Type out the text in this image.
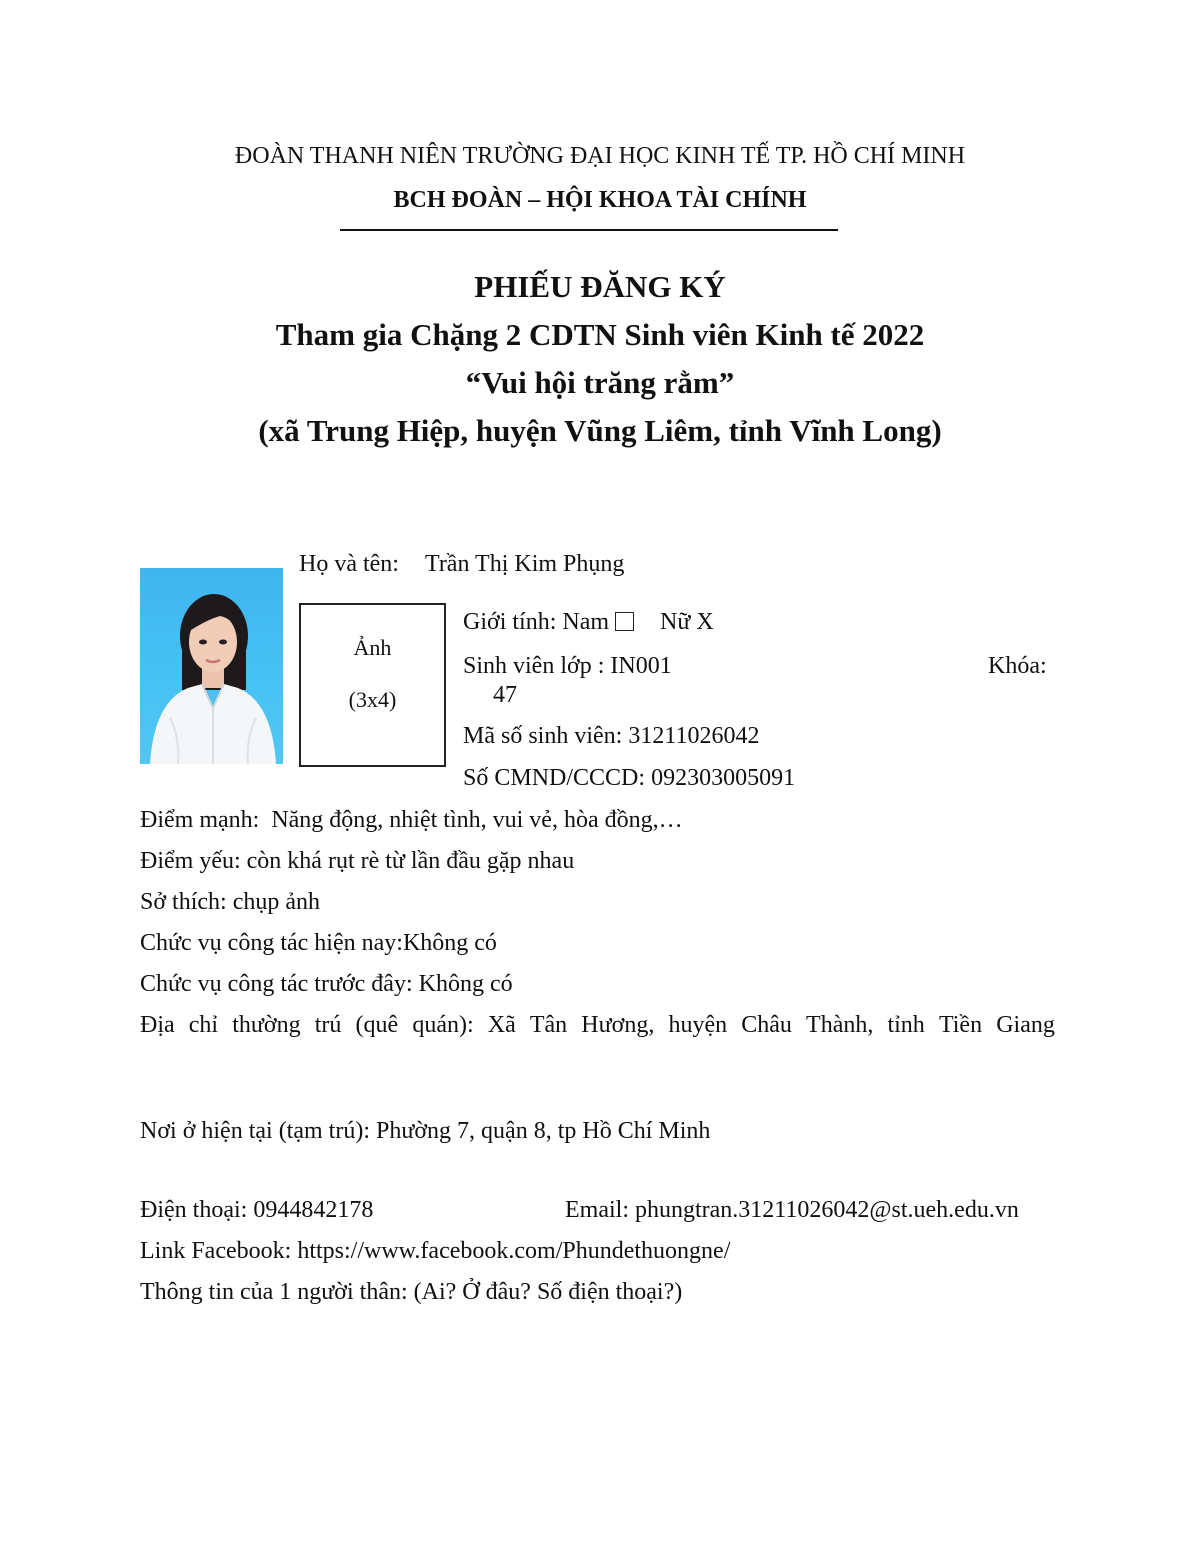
ĐOÀN THANH NIÊN TRƯỜNG ĐẠI HỌC KINH TẾ TP. HỒ CHÍ MINH
BCH ĐOÀN – HỘI KHOA TÀI CHÍNH
PHIẾU ĐĂNG KÝ
Tham gia Chặng 2 CDTN Sinh viên Kinh tế 2022
“Vui hội trăng rằm”
(xã Trung Hiệp, huyện Vũng Liêm, tỉnh Vĩnh Long)
Họ và tên: Trần Thị Kim Phụng
Ảnh
(3x4)
Giới tính: Nam Nữ X
Sinh viên lớp : IN001	Khóa:
47
Mã số sinh viên: 31211026042
Số CMND/CCCD: 092303005091
Điểm mạnh: Năng động, nhiệt tình, vui vẻ, hòa đồng,…
Điểm yếu: còn khá rụt rè từ lần đầu gặp nhau
Sở thích: chụp ảnh
Chức vụ công tác hiện nay:Không có
Chức vụ công tác trước đây: Không có
Địa chỉ thường trú (quê quán): Xã Tân Hương, huyện Châu Thành, tỉnh Tiền Giang
Nơi ở hiện tại (tạm trú): Phường 7, quận 8, tp Hồ Chí Minh
Điện thoại: 0944842178	Email: phungtran.31211026042@st.ueh.edu.vn
Link Facebook: https://www.facebook.com/Phundethuongne/
Thông tin của 1 người thân: (Ai? Ở đâu? Số điện thoại?)
